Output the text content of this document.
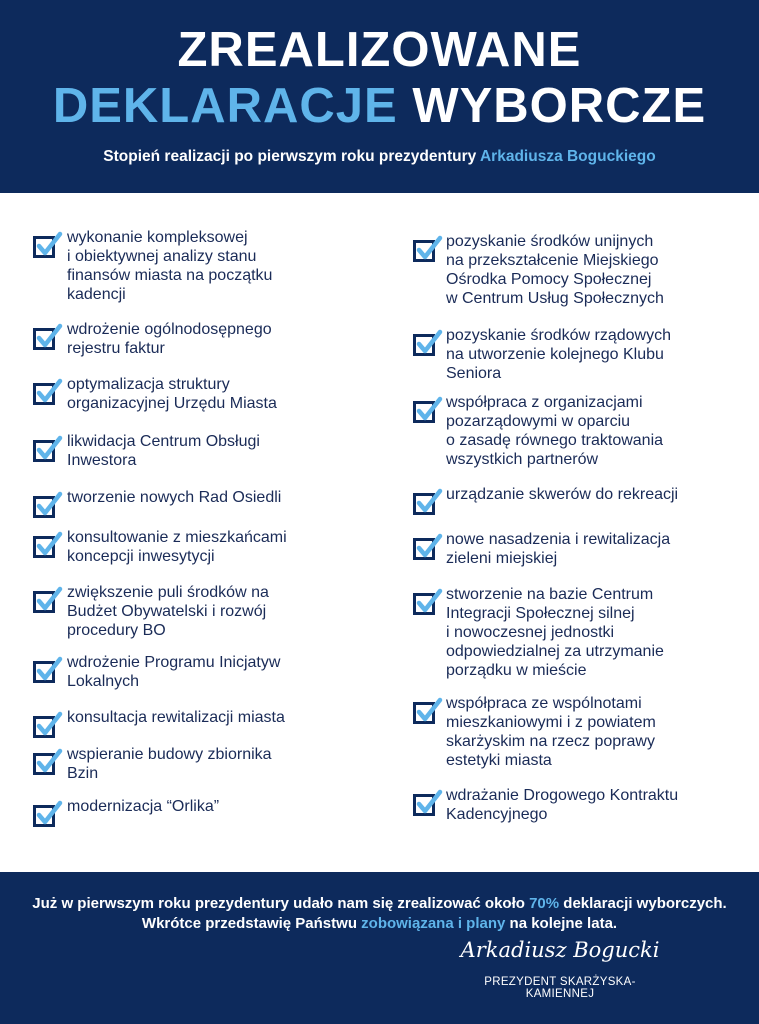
ZREALIZOWANE
DEKLARACJE WYBORCZE
Stopień realizacji po pierwszym roku prezydentury Arkadiusza Boguckiego
wykonanie kompleksowej
i obiektywnej analizy stanu
finansów miasta na początku
kadencji
wdrożenie ogólnodosępnego
rejestru faktur
optymalizacja struktury
organizacyjnej Urzędu Miasta
likwidacja Centrum Obsługi
Inwestora
tworzenie nowych Rad Osiedli
konsultowanie z mieszkańcami
koncepcji inwesytycji
zwiększenie puli środków na
Budżet Obywatelski i rozwój
procedury BO
wdrożenie Programu Inicjatyw
Lokalnych
konsultacja rewitalizacji miasta
wspieranie budowy zbiornika
Bzin
modernizacja “Orlika”
pozyskanie środków unijnych
na przekształcenie Miejskiego
Ośrodka Pomocy Społecznej
w Centrum Usług Społecznych
pozyskanie środków rządowych
na utworzenie kolejnego Klubu
Seniora
współpraca z organizacjami
pozarządowymi w oparciu
o zasadę równego traktowania
wszystkich partnerów
urządzanie skwerów do rekreacji
nowe nasadzenia i rewitalizacja
zieleni miejskiej
stworzenie na bazie Centrum
Integracji Społecznej silnej
i nowoczesnej jednostki
odpowiedzialnej za utrzymanie
porządku w mieście
współpraca ze wspólnotami
mieszkaniowymi i z powiatem
skarżyskim na rzecz poprawy
estetyki miasta
wdrażanie Drogowego Kontraktu
Kadencyjnego
Już w pierwszym roku prezydentury udało nam się zrealizować około 70% deklaracji wyborczych. Wkrótce przedstawię Państwu zobowiązana i plany na kolejne lata.
Arkadiusz Bogucki
PREZYDENT SKARŻYSKA-KAMIENNEJ
